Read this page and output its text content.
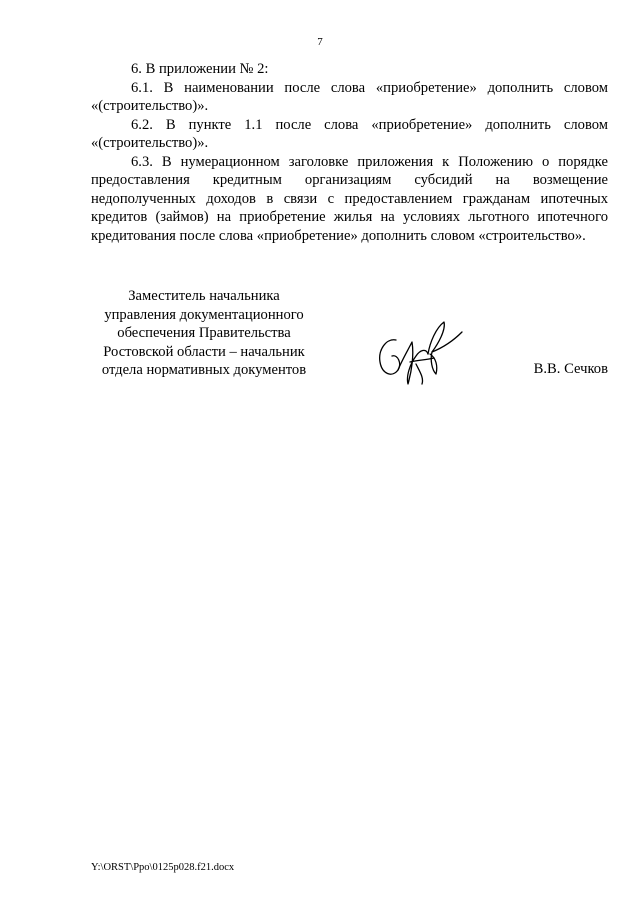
7

6. В приложении № 2:

6.1. В наименовании после слова «приобретение» дополнить словом «(строительство)».

6.2. В пункте 1.1 после слова «приобретение» дополнить словом «(строительство)».

6.3. В нумерационном заголовке приложения к Положению о порядке предоставления кредитным организациям субсидий на возмещение недополученных доходов в связи с предоставлением гражданам ипотечных кредитов (займов) на приобретение жилья на условиях льготного ипотечного кредитования после слова «приобретение» дополнить словом «строительство».

Заместитель начальника
управления документационного
обеспечения Правительства
Ростовской области – начальник
отдела нормативных документов	В.В. Сечков
Y:\ORST\Ppo\0125p028.f21.docx
